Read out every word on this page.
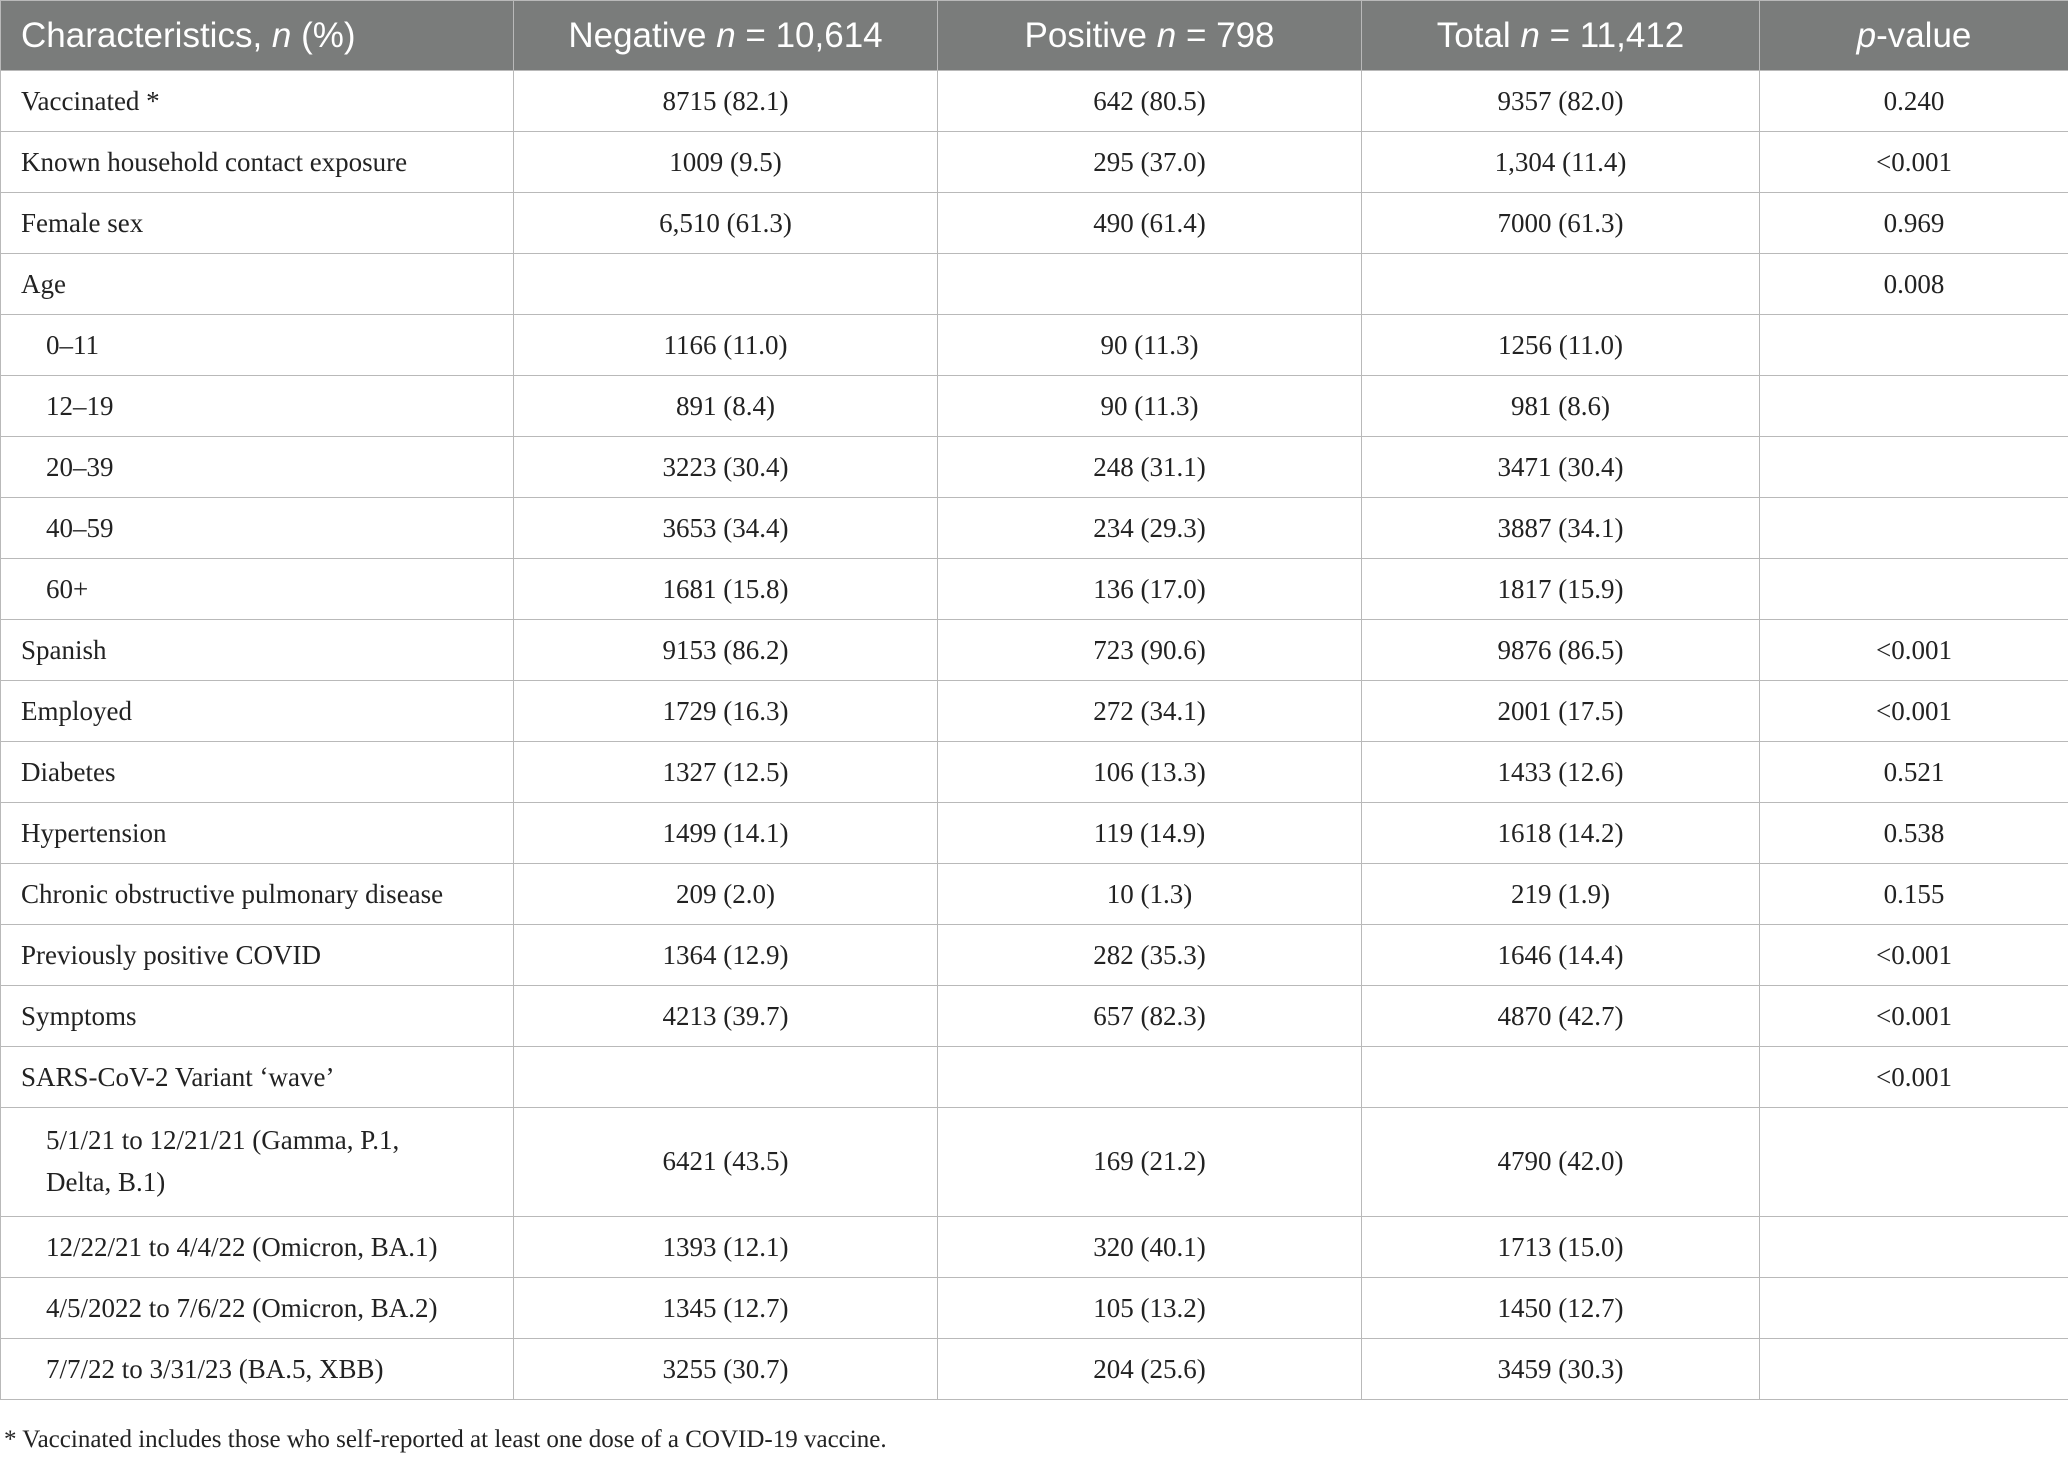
Characteristics, n (%)	Negative n = 10,614	Positive n = 798	Total n = 11,412	p-value
Vaccinated *	8715 (82.1)	642 (80.5)	9357 (82.0)	0.240
Known household contact exposure	1009 (9.5)	295 (37.0)	1,304 (11.4)	<0.001
Female sex	6,510 (61.3)	490 (61.4)	7000 (61.3)	0.969
Age				0.008
0–11	1166 (11.0)	90 (11.3)	1256 (11.0)	
12–19	891 (8.4)	90 (11.3)	981 (8.6)	
20–39	3223 (30.4)	248 (31.1)	3471 (30.4)	
40–59	3653 (34.4)	234 (29.3)	3887 (34.1)	
60+	1681 (15.8)	136 (17.0)	1817 (15.9)	
Spanish	9153 (86.2)	723 (90.6)	9876 (86.5)	<0.001
Employed	1729 (16.3)	272 (34.1)	2001 (17.5)	<0.001
Diabetes	1327 (12.5)	106 (13.3)	1433 (12.6)	0.521
Hypertension	1499 (14.1)	119 (14.9)	1618 (14.2)	0.538
Chronic obstructive pulmonary disease	209 (2.0)	10 (1.3)	219 (1.9)	0.155
Previously positive COVID	1364 (12.9)	282 (35.3)	1646 (14.4)	<0.001
Symptoms	4213 (39.7)	657 (82.3)	4870 (42.7)	<0.001
SARS-CoV-2 Variant ‘wave’				<0.001
5/1/21 to 12/21/21 (Gamma, P.1,
Delta, B.1)	6421 (43.5)	169 (21.2)	4790 (42.0)	
12/22/21 to 4/4/22 (Omicron, BA.1)	1393 (12.1)	320 (40.1)	1713 (15.0)	
4/5/2022 to 7/6/22 (Omicron, BA.2)	1345 (12.7)	105 (13.2)	1450 (12.7)	
7/7/22 to 3/31/23 (BA.5, XBB)	3255 (30.7)	204 (25.6)	3459 (30.3)	
* Vaccinated includes those who self-reported at least one dose of a COVID-19 vaccine.
